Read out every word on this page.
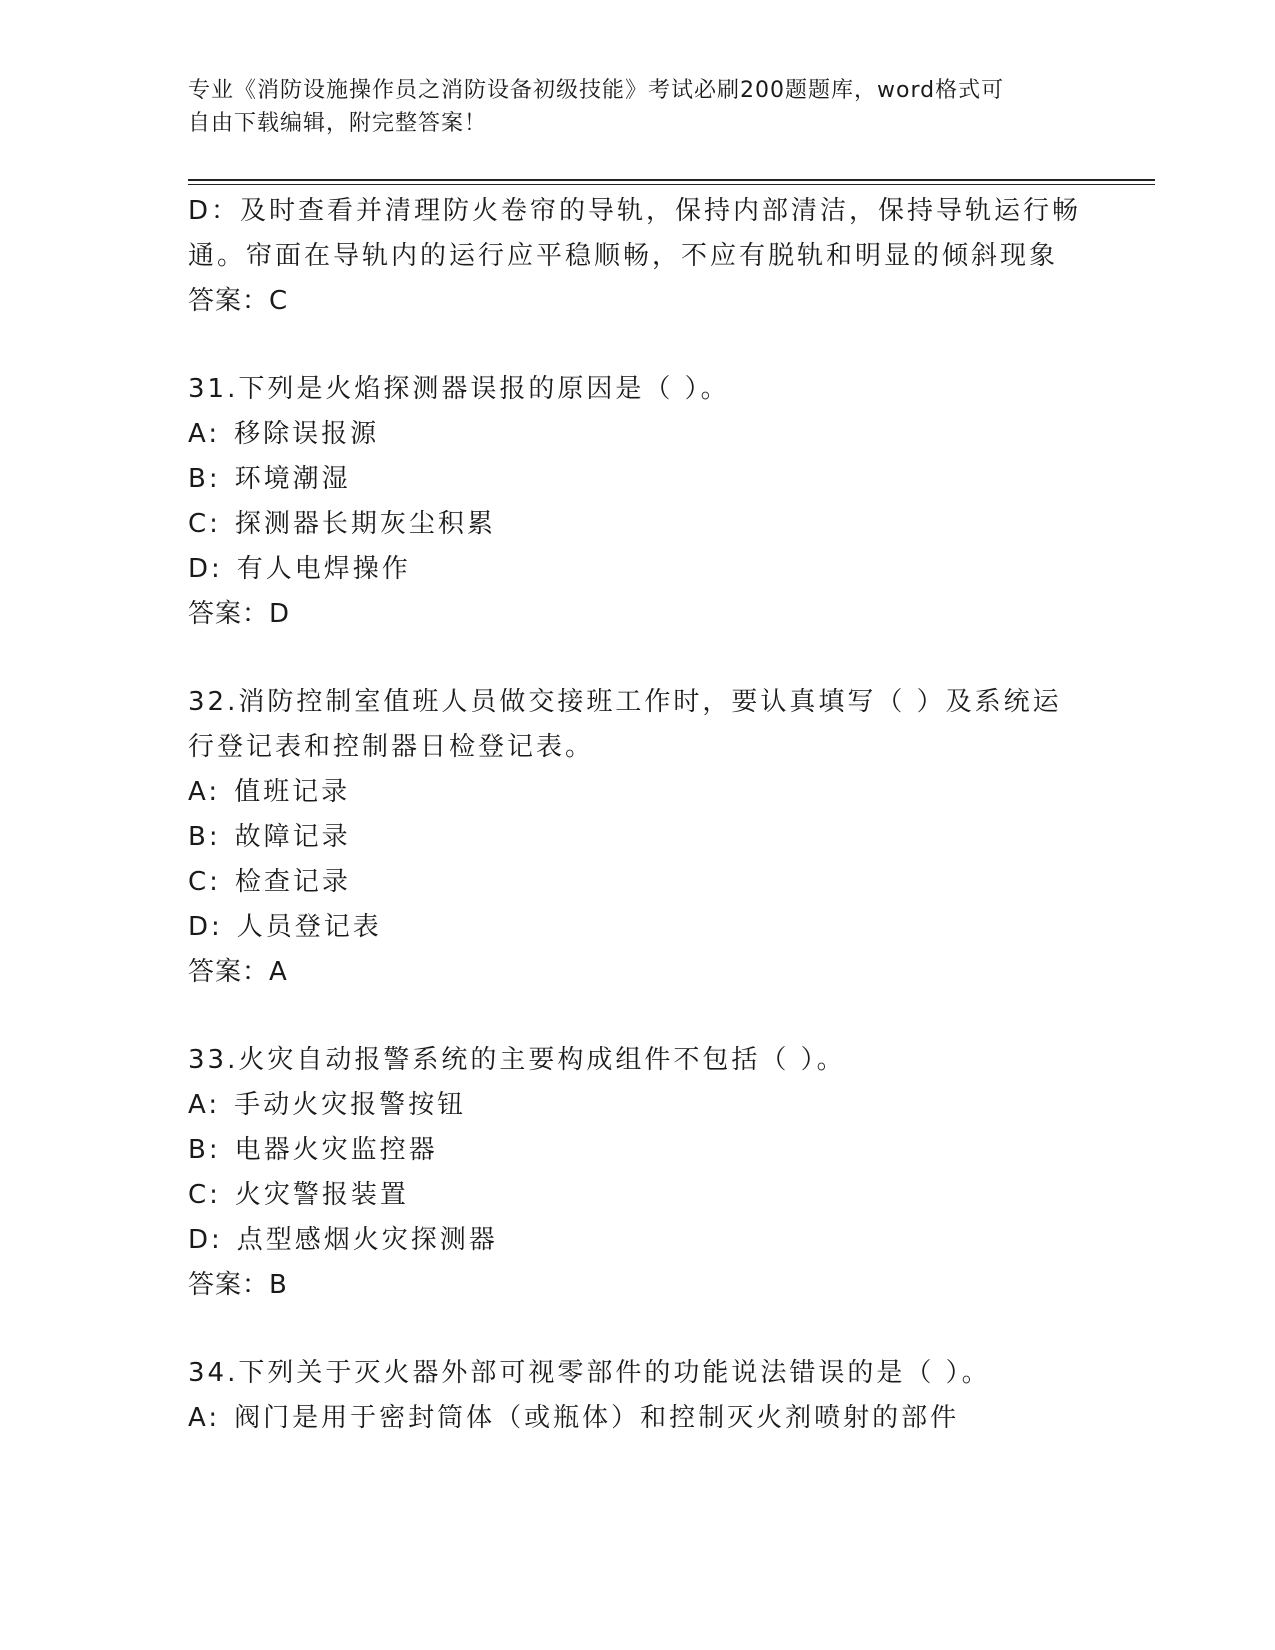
专业《消防设施操作员之消防设备初级技能》考试必刷200题题库，word格式可
自由下载编辑，附完整答案！
D：及时查看并清理防火卷帘的导轨，保持内部清洁，保持导轨运行畅
通。帘面在导轨内的运行应平稳顺畅，不应有脱轨和明显的倾斜现象
答案：C
31.下列是火焰探测器误报的原因是（ ）。
A: 移除误报源
B: 环境潮湿
C: 探测器长期灰尘积累
D: 有人电焊操作
答案：D
32.消防控制室值班人员做交接班工作时，要认真填写（ ）及系统运
行登记表和控制器日检登记表。
A: 值班记录
B: 故障记录
C: 检查记录
D: 人员登记表
答案：A
33.火灾自动报警系统的主要构成组件不包括（ ）。
A: 手动火灾报警按钮
B: 电器火灾监控器
C: 火灾警报装置
D: 点型感烟火灾探测器
答案：B
34.下列关于灭火器外部可视零部件的功能说法错误的是（ ）。
A: 阀门是用于密封筒体（或瓶体）和控制灭火剂喷射的部件
